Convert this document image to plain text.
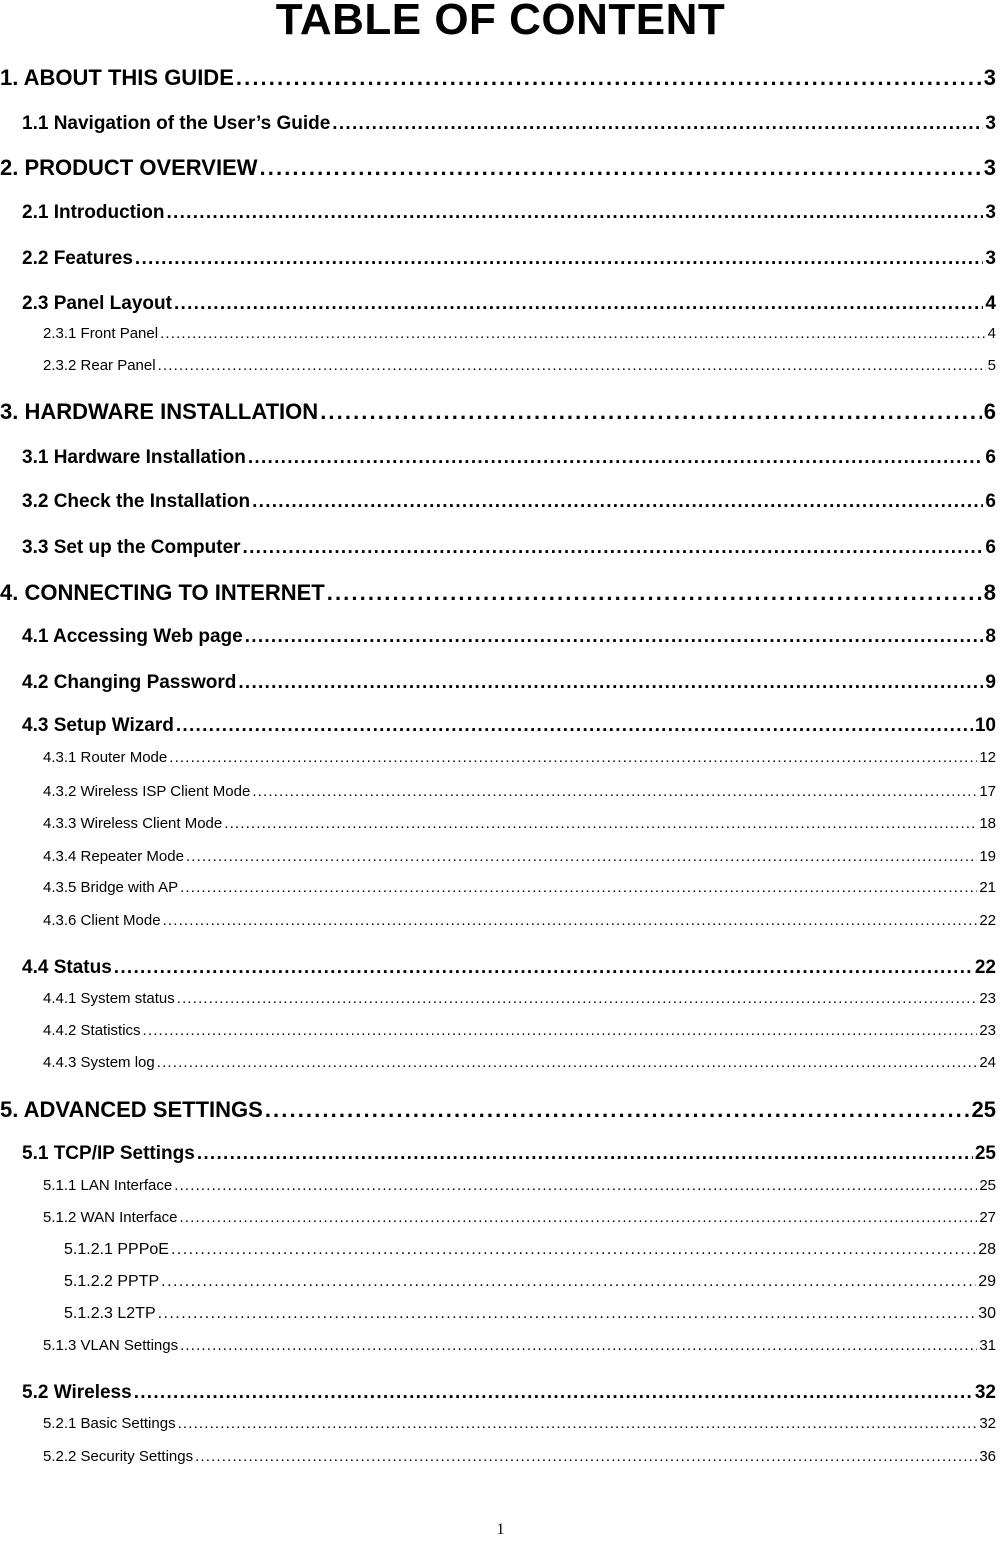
TABLE OF CONTENT
1. ABOUT THIS GUIDE . . .	3
1.1 Navigation of the User’s Guide . . .	3
2. PRODUCT OVERVIEW . . .	3
2.1 Introduction . . .	3
2.2 Features . . .	3
2.3 Panel Layout . . .	4
2.3.1 Front Panel . . .	4
2.3.2 Rear Panel . . .	5
3. HARDWARE INSTALLATION . . .	6
3.1 Hardware Installation . . .	6
3.2 Check the Installation . . .	6
3.3 Set up the Computer . . .	6
4. CONNECTING TO INTERNET . . .	8
4.1 Accessing Web page . . .	8
4.2 Changing Password . . .	9
4.3 Setup Wizard . . .	10
4.3.1 Router Mode . . .	12
4.3.2 Wireless ISP Client Mode . . .	17
4.3.3 Wireless Client Mode . . .	18
4.3.4 Repeater Mode . . .	19
4.3.5 Bridge with AP . . .	21
4.3.6 Client Mode . . .	22
4.4 Status . . .	22
4.4.1 System status . . .	23
4.4.2 Statistics . . .	23
4.4.3 System log . . .	24
5. ADVANCED SETTINGS . . .	25
5.1 TCP/IP Settings . . .	25
5.1.1 LAN Interface . . .	25
5.1.2 WAN Interface . . .	27
5.1.2.1 PPPoE . . .	28
5.1.2.2 PPTP . . .	29
5.1.2.3 L2TP . . .	30
5.1.3 VLAN Settings . . .	31
5.2 Wireless . . .	32
5.2.1 Basic Settings . . .	32
5.2.2 Security Settings . . .	36
1
